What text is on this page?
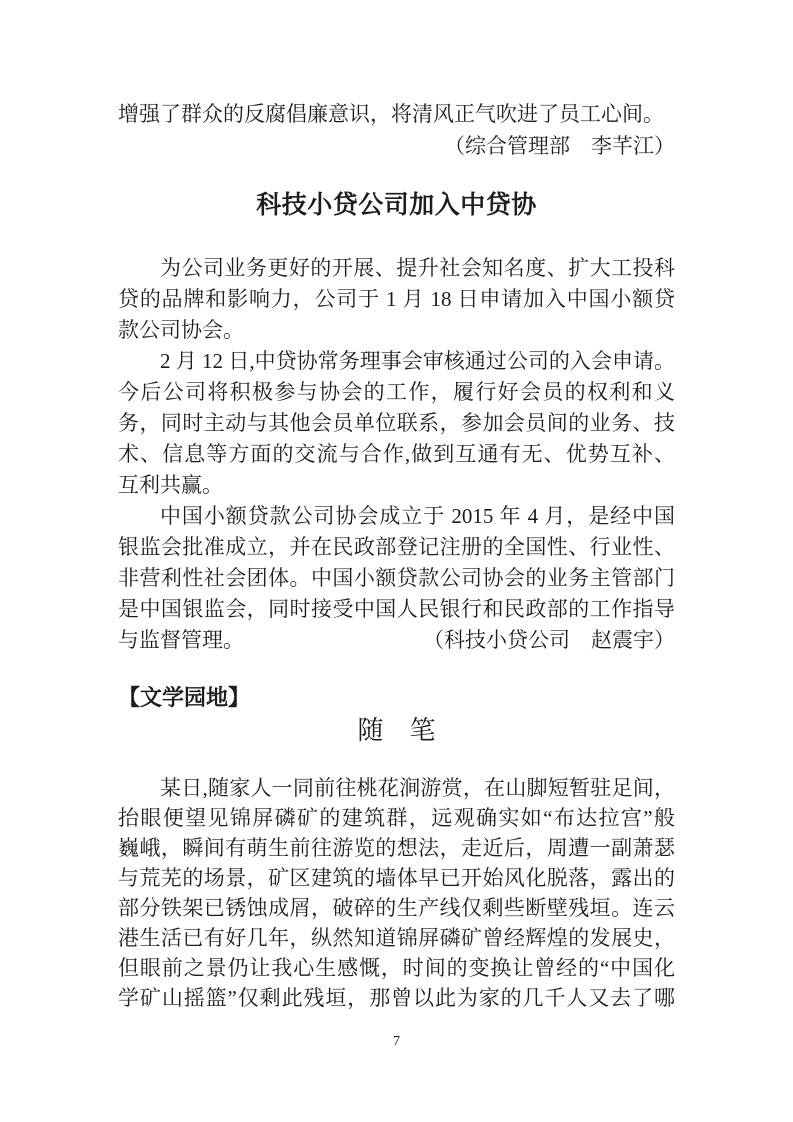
增强了群众的反腐倡廉意识，将清风正气吹进了员工心间。
（综合管理部　李芊江）
科技小贷公司加入中贷协
为公司业务更好的开展、提升社会知名度、扩大工投科
贷的品牌和影响力，公司于 1 月 18 日申请加入中国小额贷
款公司协会。
2 月 12 日,中贷协常务理事会审核通过公司的入会申请。
今后公司将积极参与协会的工作，履行好会员的权利和义
务，同时主动与其他会员单位联系，参加会员间的业务、技
术、信息等方面的交流与合作,做到互通有无、优势互补、
互利共赢。
中国小额贷款公司协会成立于 2015 年 4 月，是经中国
银监会批准成立，并在民政部登记注册的全国性、行业性、
非营利性社会团体。中国小额贷款公司协会的业务主管部门
是中国银监会，同时接受中国人民银行和民政部的工作指导
与监督管理。	（科技小贷公司　赵震宇）
【文学园地】
随　笔
某日,随家人一同前往桃花涧游赏，在山脚短暂驻足间，
抬眼便望见锦屏磷矿的建筑群，远观确实如“布达拉宫”般
巍峨，瞬间有萌生前往游览的想法，走近后，周遭一副萧瑟
与荒芜的场景，矿区建筑的墙体早已开始风化脱落，露出的
部分铁架已锈蚀成屑，破碎的生产线仅剩些断壁残垣。连云
港生活已有好几年，纵然知道锦屏磷矿曾经辉煌的发展史，
但眼前之景仍让我心生感慨，时间的变换让曾经的“中国化
学矿山摇篮”仅剩此残垣，那曾以此为家的几千人又去了哪
7
